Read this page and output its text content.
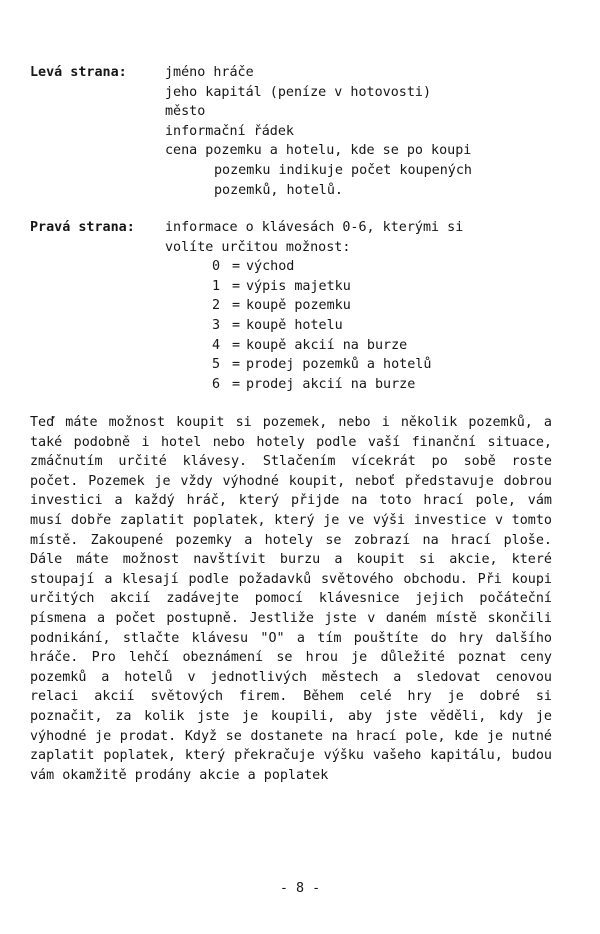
Levá strana:	jméno hráče
jeho kapitál (peníze v hotovosti)
město
informační řádek
cena pozemku a hotelu, kde se po koupi
pozemku indikuje počet koupených
pozemků, hotelů.
Pravá strana:	informace o klávesách 0-6, kterými si
volíte určitou možnost:
0 = východ
1 = výpis majetku
2 = koupě pozemku
3 = koupě hotelu
4 = koupě akcií na burze
5 = prodej pozemků a hotelů
6 = prodej akcií na burze
Teď máte možnost koupit si pozemek, nebo i několik pozemků, a také podobně i hotel nebo hotely podle vaší finanční situace, zmáčnutím určité klávesy. Stlačením vícekrát po sobě roste počet. Pozemek je vždy výhodné koupit, neboť představuje dobrou investici a každý hráč, který přijde na toto hrací pole, vám musí dobře zaplatit poplatek, který je ve výši investice v tomto místě. Zakoupené pozemky a hotely se zobrazí na hrací ploše. Dále máte možnost navštívit burzu a koupit si akcie, které stoupají a klesají podle požadavků světového obchodu. Při koupi určitých akcií zadávejte pomocí klávesnice jejich počáteční písmena a počet postupně. Jestliže jste v daném místě skončili podnikání, stlačte klávesu "O" a tím pouštíte do hry dalšího hráče. Pro lehčí obeznámení se hrou je důležité poznat ceny pozemků a hotelů v jednotlivých městech a sledovat cenovou relaci akcií světových firem. Během celé hry je dobré si poznačit, za kolik jste je koupili, aby jste věděli, kdy je výhodné je prodat. Když se dostanete na hrací pole, kde je nutné zaplatit poplatek, který překračuje výšku vašeho kapitálu, budou vám okamžitě prodány akcie a poplatek
- 8 -
